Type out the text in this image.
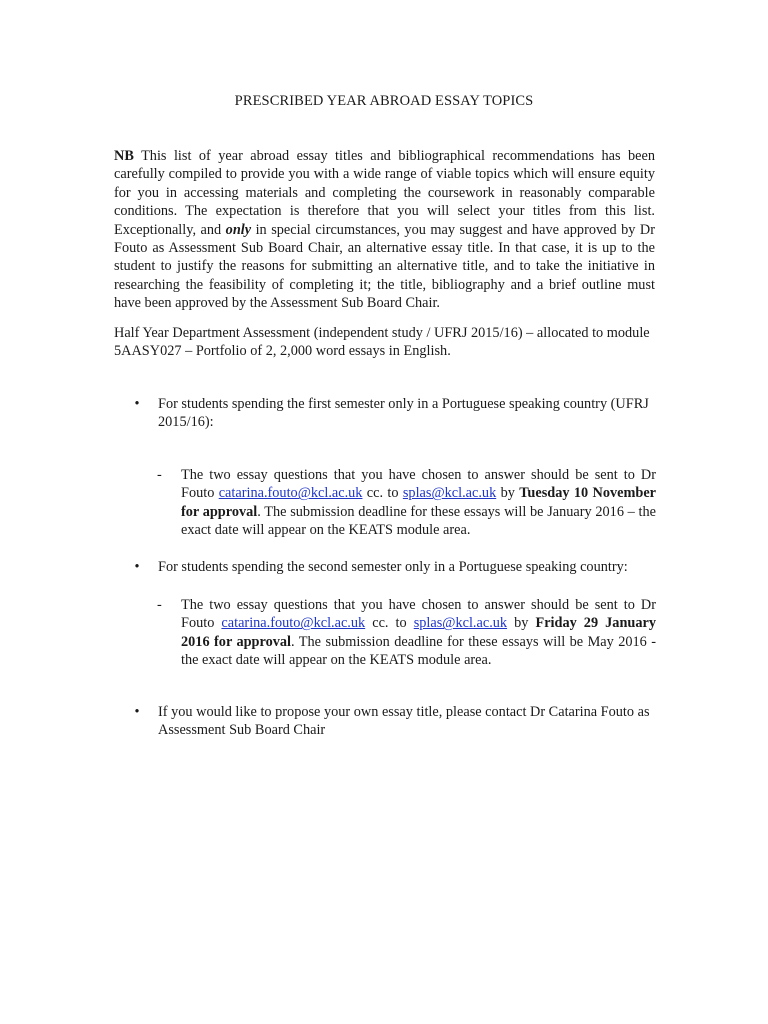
PRESCRIBED YEAR ABROAD ESSAY TOPICS

NB This list of year abroad essay titles and bibliographical recommendations has been carefully compiled to provide you with a wide range of viable topics which will ensure equity for you in accessing materials and completing the coursework in reasonably comparable conditions. The expectation is therefore that you will select your titles from this list. Exceptionally, and only in special circumstances, you may suggest and have approved by Dr Fouto as Assessment Sub Board Chair, an alternative essay title. In that case, it is up to the student to justify the reasons for submitting an alternative title, and to take the initiative in researching the feasibility of completing it; the title, bibliography and a brief outline must have been approved by the Assessment Sub Board Chair.

Half Year Department Assessment (independent study / UFRJ 2015/16) – allocated to module 5AASY027 – Portfolio of 2, 2,000 word essays in English.

• For students spending the first semester only in a Portuguese speaking country (UFRJ 2015/16):
- The two essay questions that you have chosen to answer should be sent to Dr Fouto catarina.fouto@kcl.ac.uk cc. to splas@kcl.ac.uk by Tuesday 10 November for approval. The submission deadline for these essays will be January 2016 – the exact date will appear on the KEATS module area.
• For students spending the second semester only in a Portuguese speaking country:
- The two essay questions that you have chosen to answer should be sent to Dr Fouto catarina.fouto@kcl.ac.uk cc. to splas@kcl.ac.uk by Friday 29 January 2016 for approval. The submission deadline for these essays will be May 2016 - the exact date will appear on the KEATS module area.
• If you would like to propose your own essay title, please contact Dr Catarina Fouto as Assessment Sub Board Chair
